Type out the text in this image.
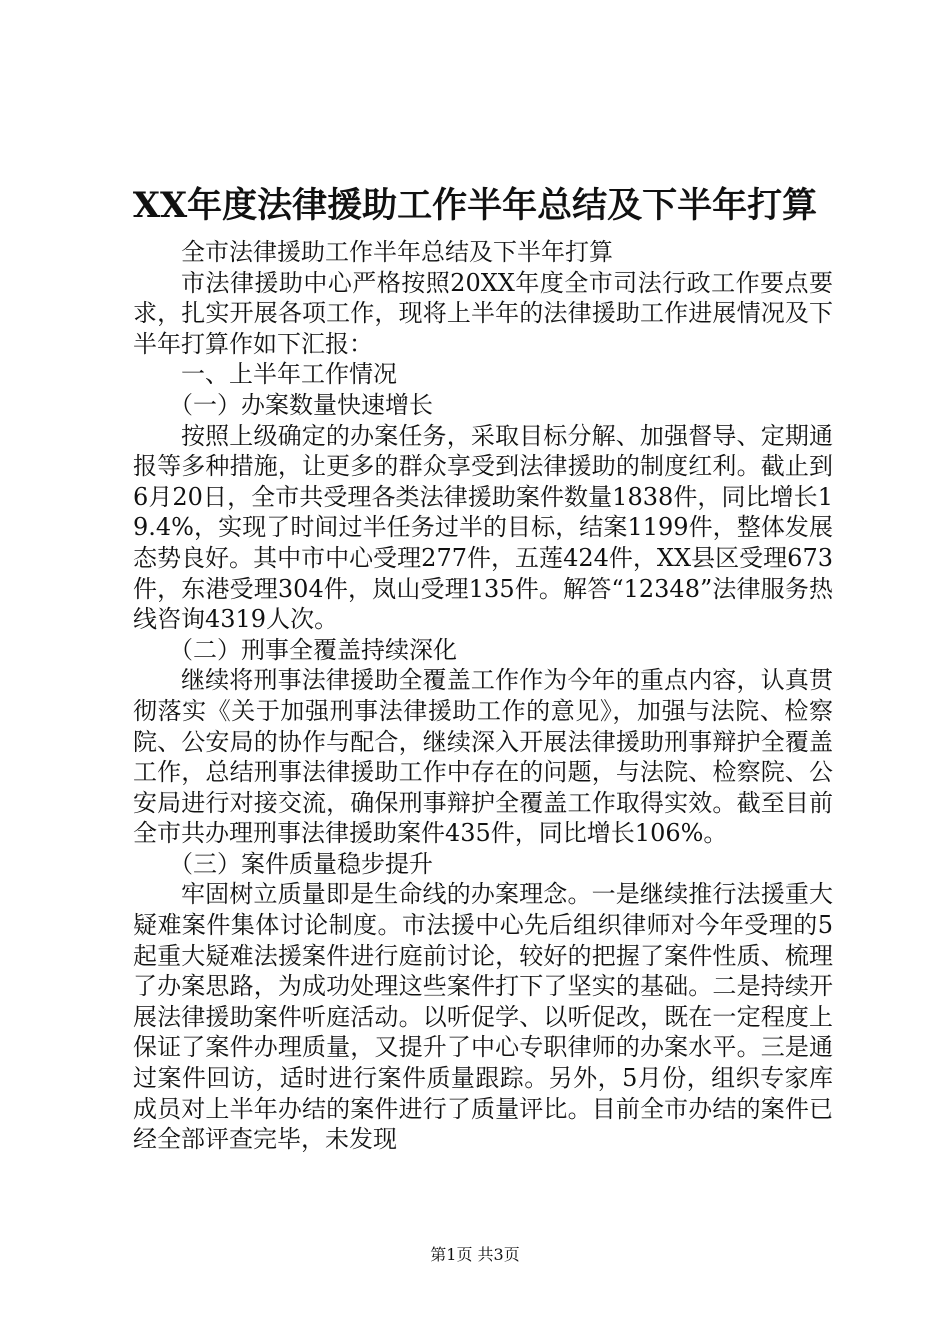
XX年度法律援助工作半年总结及下半年打算

全市法律援助工作半年总结及下半年打算

市法律援助中心严格按照20XX年度全市司法行政工作要点要求，扎实开展各项工作，现将上半年的法律援助工作进展情况及下半年打算作如下汇报：

一、上半年工作情况

（一）办案数量快速增长

按照上级确定的办案任务，采取目标分解、加强督导、定期通报等多种措施，让更多的群众享受到法律援助的制度红利。截止到6月20日，全市共受理各类法律援助案件数量1838件，同比增长19.4%，实现了时间过半任务过半的目标，结案1199件，整体发展态势良好。其中市中心受理277件，五莲424件，XX县区受理673件，东港受理304件，岚山受理135件。解答“12348”法律服务热线咨询4319人次。

（二）刑事全覆盖持续深化

继续将刑事法律援助全覆盖工作作为今年的重点内容，认真贯彻落实《关于加强刑事法律援助工作的意见》，加强与法院、检察院、公安局的协作与配合，继续深入开展法律援助刑事辩护全覆盖工作，总结刑事法律援助工作中存在的问题，与法院、检察院、公安局进行对接交流，确保刑事辩护全覆盖工作取得实效。截至目前全市共办理刑事法律援助案件435件，同比增长106%。

（三）案件质量稳步提升

牢固树立质量即是生命线的办案理念。一是继续推行法援重大疑难案件集体讨论制度。市法援中心先后组织律师对今年受理的5起重大疑难法援案件进行庭前讨论，较好的把握了案件性质、梳理了办案思路，为成功处理这些案件打下了坚实的基础。二是持续开展法律援助案件听庭活动。以听促学、以听促改，既在一定程度上保证了案件办理质量，又提升了中心专职律师的办案水平。三是通过案件回访，适时进行案件质量跟踪。另外，5月份，组织专家库成员对上半年办结的案件进行了质量评比。目前全市办结的案件已经全部评查完毕，未发现

第1页 共3页
